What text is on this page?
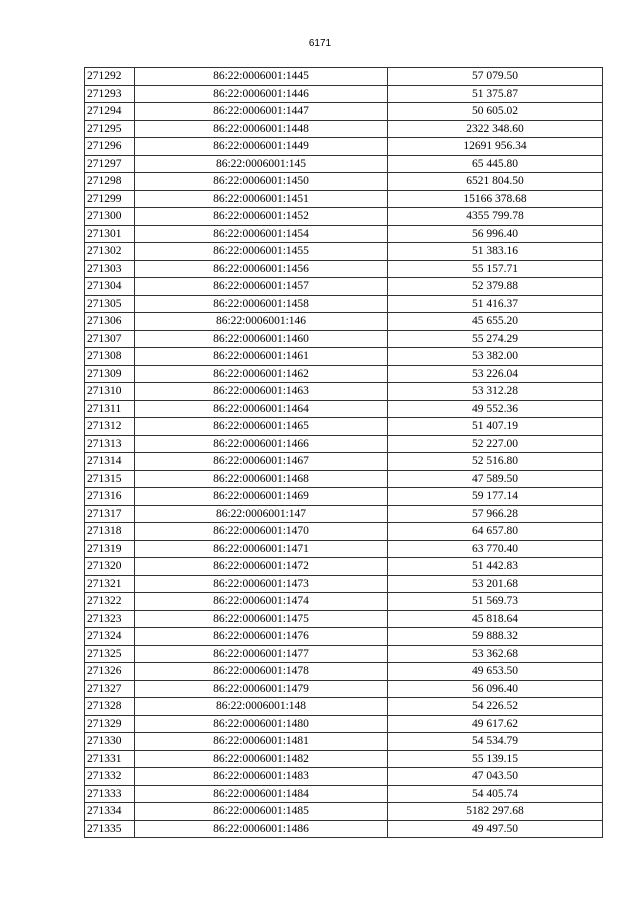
6171
271292	86:22:0006001:1445	57 079.50
271293	86:22:0006001:1446	51 375.87
271294	86:22:0006001:1447	50 605.02
271295	86:22:0006001:1448	2322 348.60
271296	86:22:0006001:1449	12691 956.34
271297	86:22:0006001:145	65 445.80
271298	86:22:0006001:1450	6521 804.50
271299	86:22:0006001:1451	15166 378.68
271300	86:22:0006001:1452	4355 799.78
271301	86:22:0006001:1454	56 996.40
271302	86:22:0006001:1455	51 383.16
271303	86:22:0006001:1456	55 157.71
271304	86:22:0006001:1457	52 379.88
271305	86:22:0006001:1458	51 416.37
271306	86:22:0006001:146	45 655.20
271307	86:22:0006001:1460	55 274.29
271308	86:22:0006001:1461	53 382.00
271309	86:22:0006001:1462	53 226.04
271310	86:22:0006001:1463	53 312.28
271311	86:22:0006001:1464	49 552.36
271312	86:22:0006001:1465	51 407.19
271313	86:22:0006001:1466	52 227.00
271314	86:22:0006001:1467	52 516.80
271315	86:22:0006001:1468	47 589.50
271316	86:22:0006001:1469	59 177.14
271317	86:22:0006001:147	57 966.28
271318	86:22:0006001:1470	64 657.80
271319	86:22:0006001:1471	63 770.40
271320	86:22:0006001:1472	51 442.83
271321	86:22:0006001:1473	53 201.68
271322	86:22:0006001:1474	51 569.73
271323	86:22:0006001:1475	45 818.64
271324	86:22:0006001:1476	59 888.32
271325	86:22:0006001:1477	53 362.68
271326	86:22:0006001:1478	49 653.50
271327	86:22:0006001:1479	56 096.40
271328	86:22:0006001:148	54 226.52
271329	86:22:0006001:1480	49 617.62
271330	86:22:0006001:1481	54 534.79
271331	86:22:0006001:1482	55 139.15
271332	86:22:0006001:1483	47 043.50
271333	86:22:0006001:1484	54 405.74
271334	86:22:0006001:1485	5182 297.68
271335	86:22:0006001:1486	49 497.50
